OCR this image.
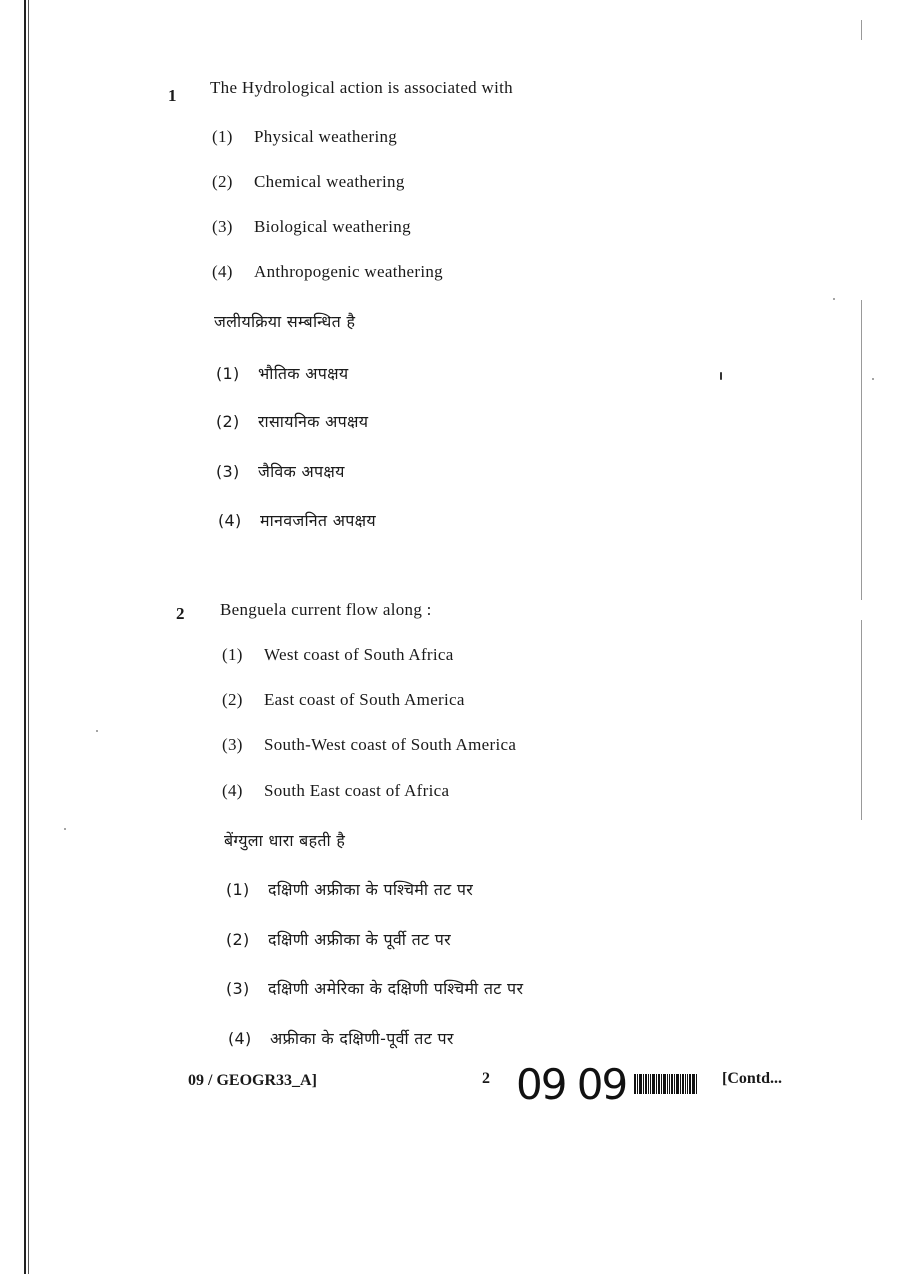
1 The Hydrological action is associated with
(1) Physical weathering
(2) Chemical weathering
(3) Biological weathering
(4) Anthropogenic weathering
जलीयक्रिया सम्बन्धित है
(1) भौतिक अपक्षय
(2) रासायनिक अपक्षय
(3) जैविक अपक्षय
(4) मानवजनित अपक्षय
2 Benguela current flow along :
(1) West coast of South Africa
(2) East coast of South America
(3) South-West coast of South America
(4) South East coast of Africa
बेंग्युला धारा बहती है
(1) दक्षिणी अफ्रीका के पश्चिमी तट पर
(2) दक्षिणी अफ्रीका के पूर्वी तट पर
(3) दक्षिणी अमेरिका के दक्षिणी पश्चिमी तट पर
(4) अफ्रीका के दक्षिणी-पूर्वी तट पर
09 / GEOGR33_A]	2 09 09	[Contd...
